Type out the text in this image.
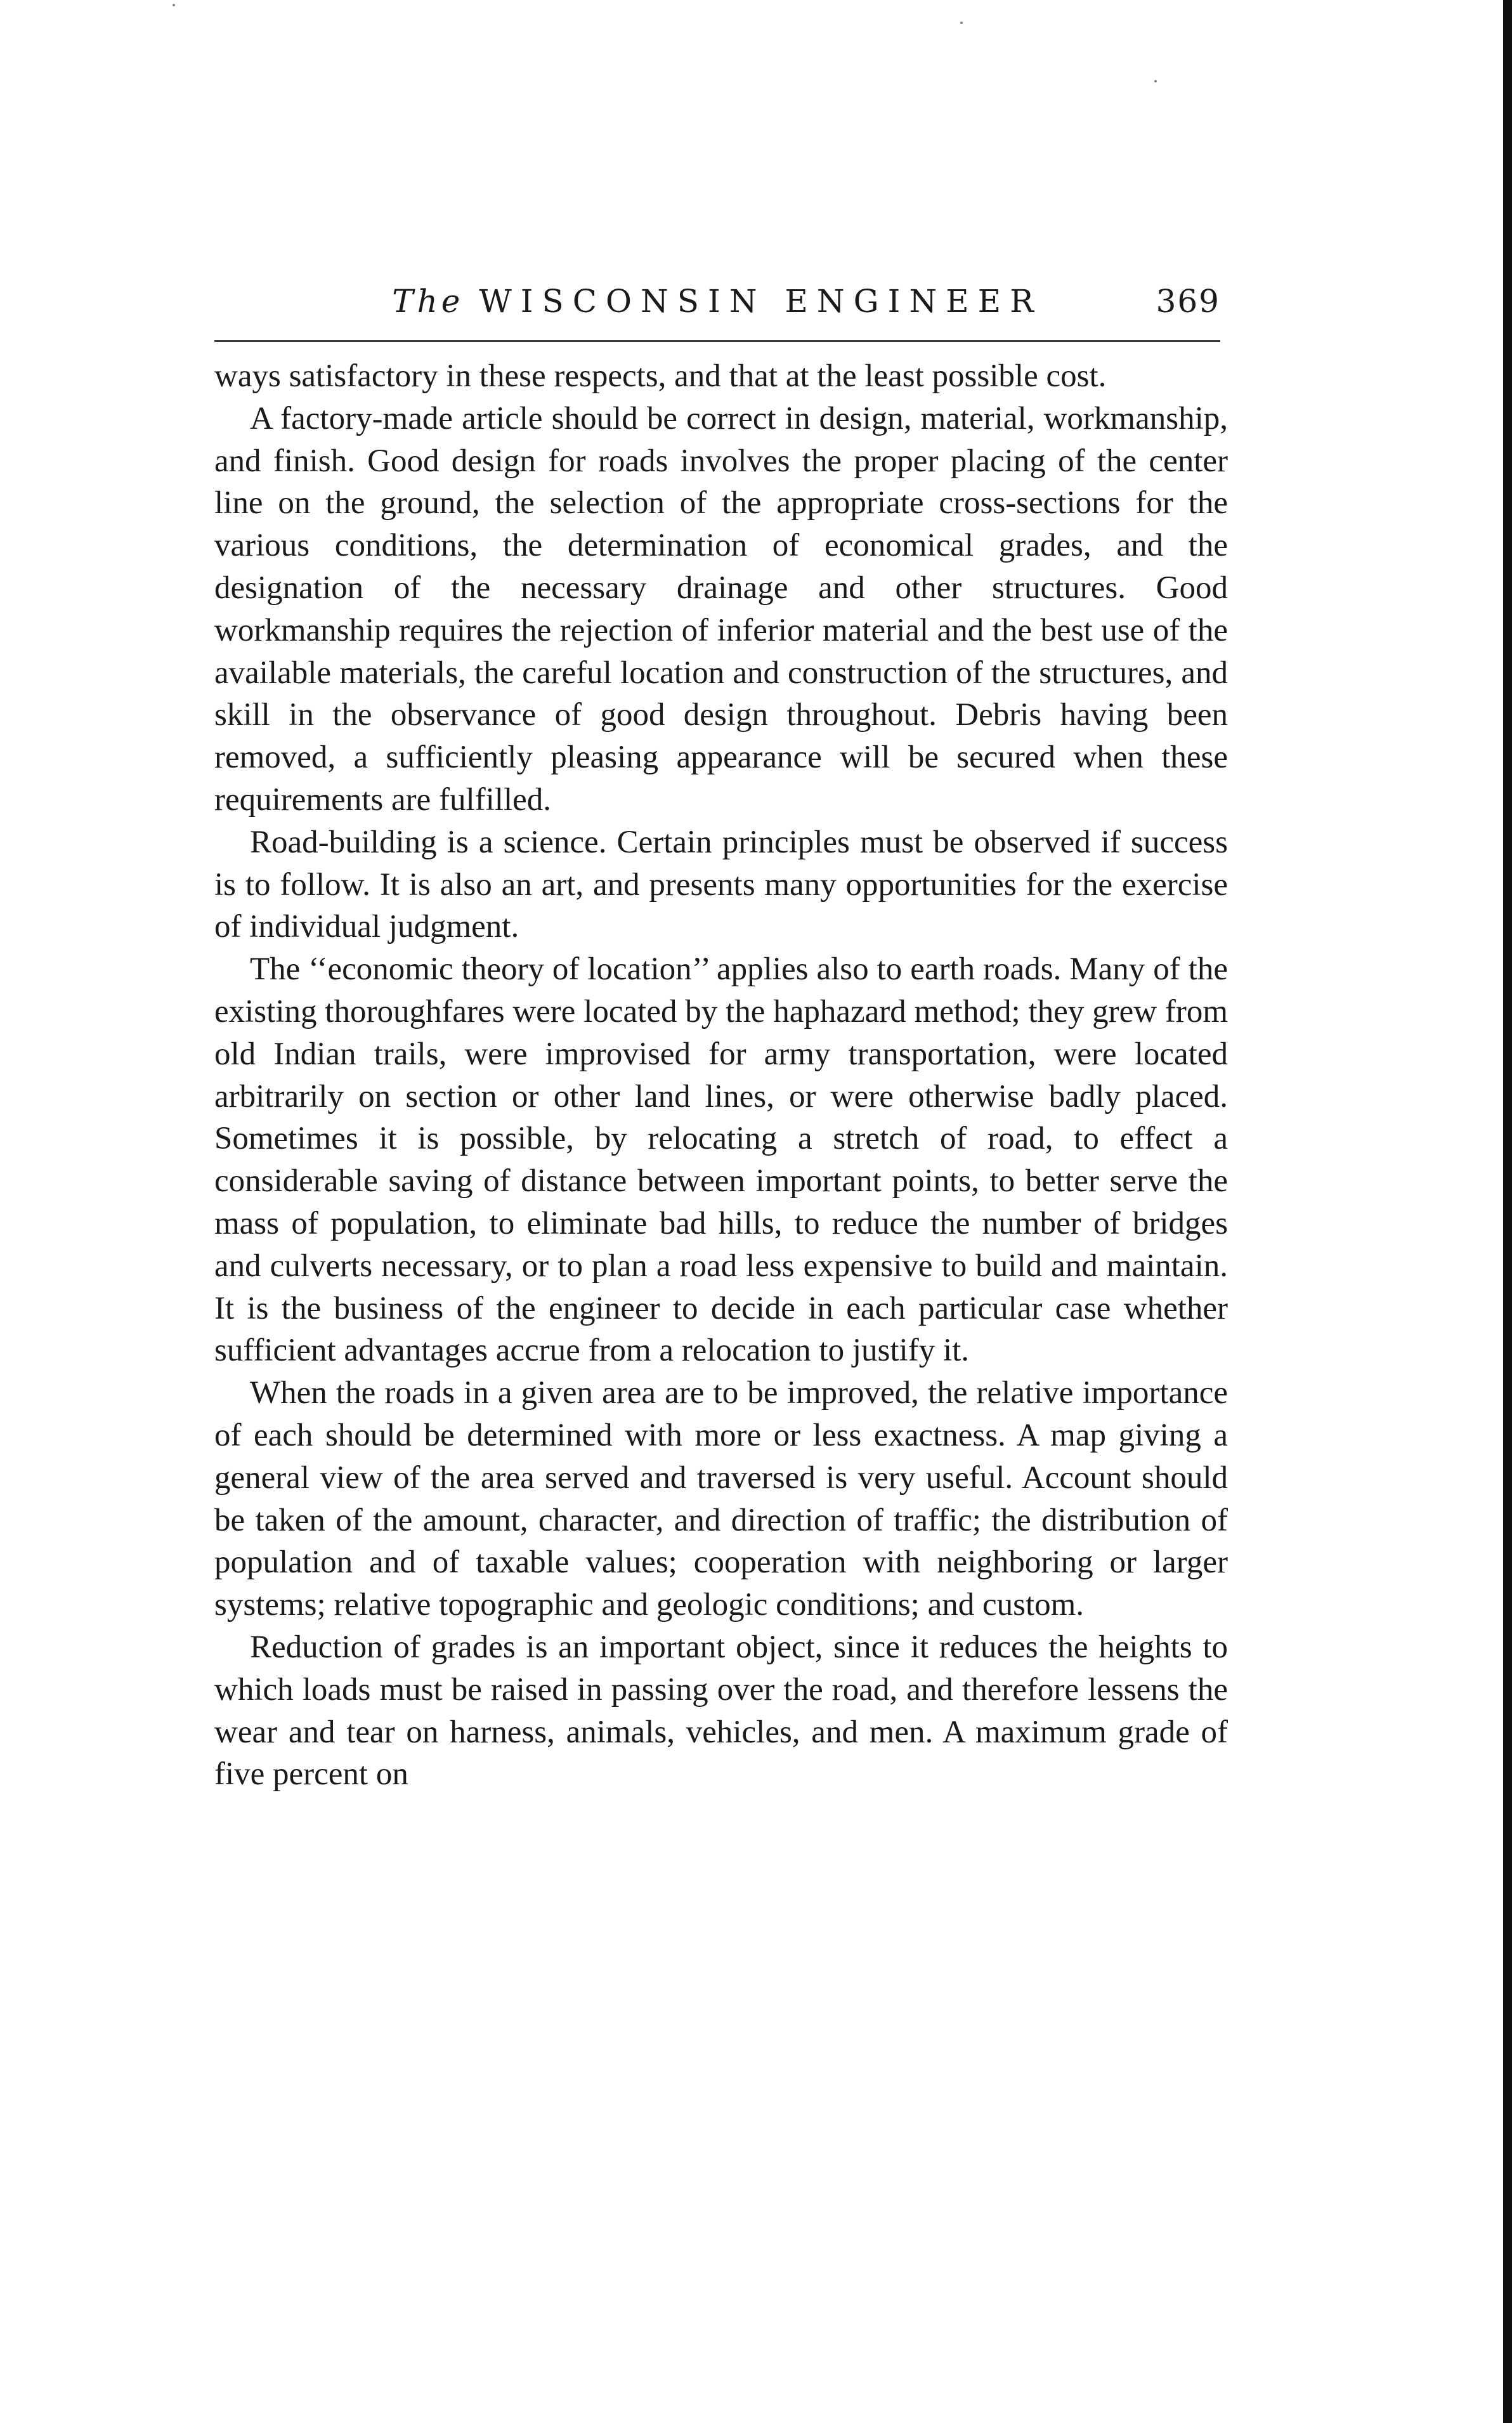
The WISCONSIN ENGINEER	369

ways satisfactory in these respects, and that at the least possible cost.

A factory-made article should be correct in design, material, workmanship, and finish. Good design for roads involves the proper placing of the center line on the ground, the selection of the appropriate cross-sections for the various conditions, the determination of economical grades, and the designation of the necessary drainage and other structures. Good workmanship requires the rejection of inferior material and the best use of the available materials, the careful location and construction of the structures, and skill in the observance of good design throughout. Debris having been removed, a sufficiently pleasing appearance will be secured when these requirements are fulfilled.

Road-building is a science. Certain principles must be observed if success is to follow. It is also an art, and presents many opportunities for the exercise of individual judgment.

The ‘‘economic theory of location’’ applies also to earth roads. Many of the existing thoroughfares were located by the haphazard method; they grew from old Indian trails, were improvised for army transportation, were located arbitrarily on section or other land lines, or were otherwise badly placed. Sometimes it is possible, by relocating a stretch of road, to effect a considerable saving of distance between important points, to better serve the mass of population, to eliminate bad hills, to reduce the number of bridges and culverts necessary, or to plan a road less expensive to build and maintain. It is the business of the engineer to decide in each particular case whether sufficient advantages accrue from a relocation to justify it.

When the roads in a given area are to be improved, the relative importance of each should be determined with more or less exactness. A map giving a general view of the area served and traversed is very useful. Account should be taken of the amount, character, and direction of traffic; the distribution of population and of taxable values; cooperation with neighboring or larger systems; relative topographic and geologic conditions; and custom.

Reduction of grades is an important object, since it reduces the heights to which loads must be raised in passing over the road, and therefore lessens the wear and tear on harness, animals, vehicles, and men. A maximum grade of five percent on
